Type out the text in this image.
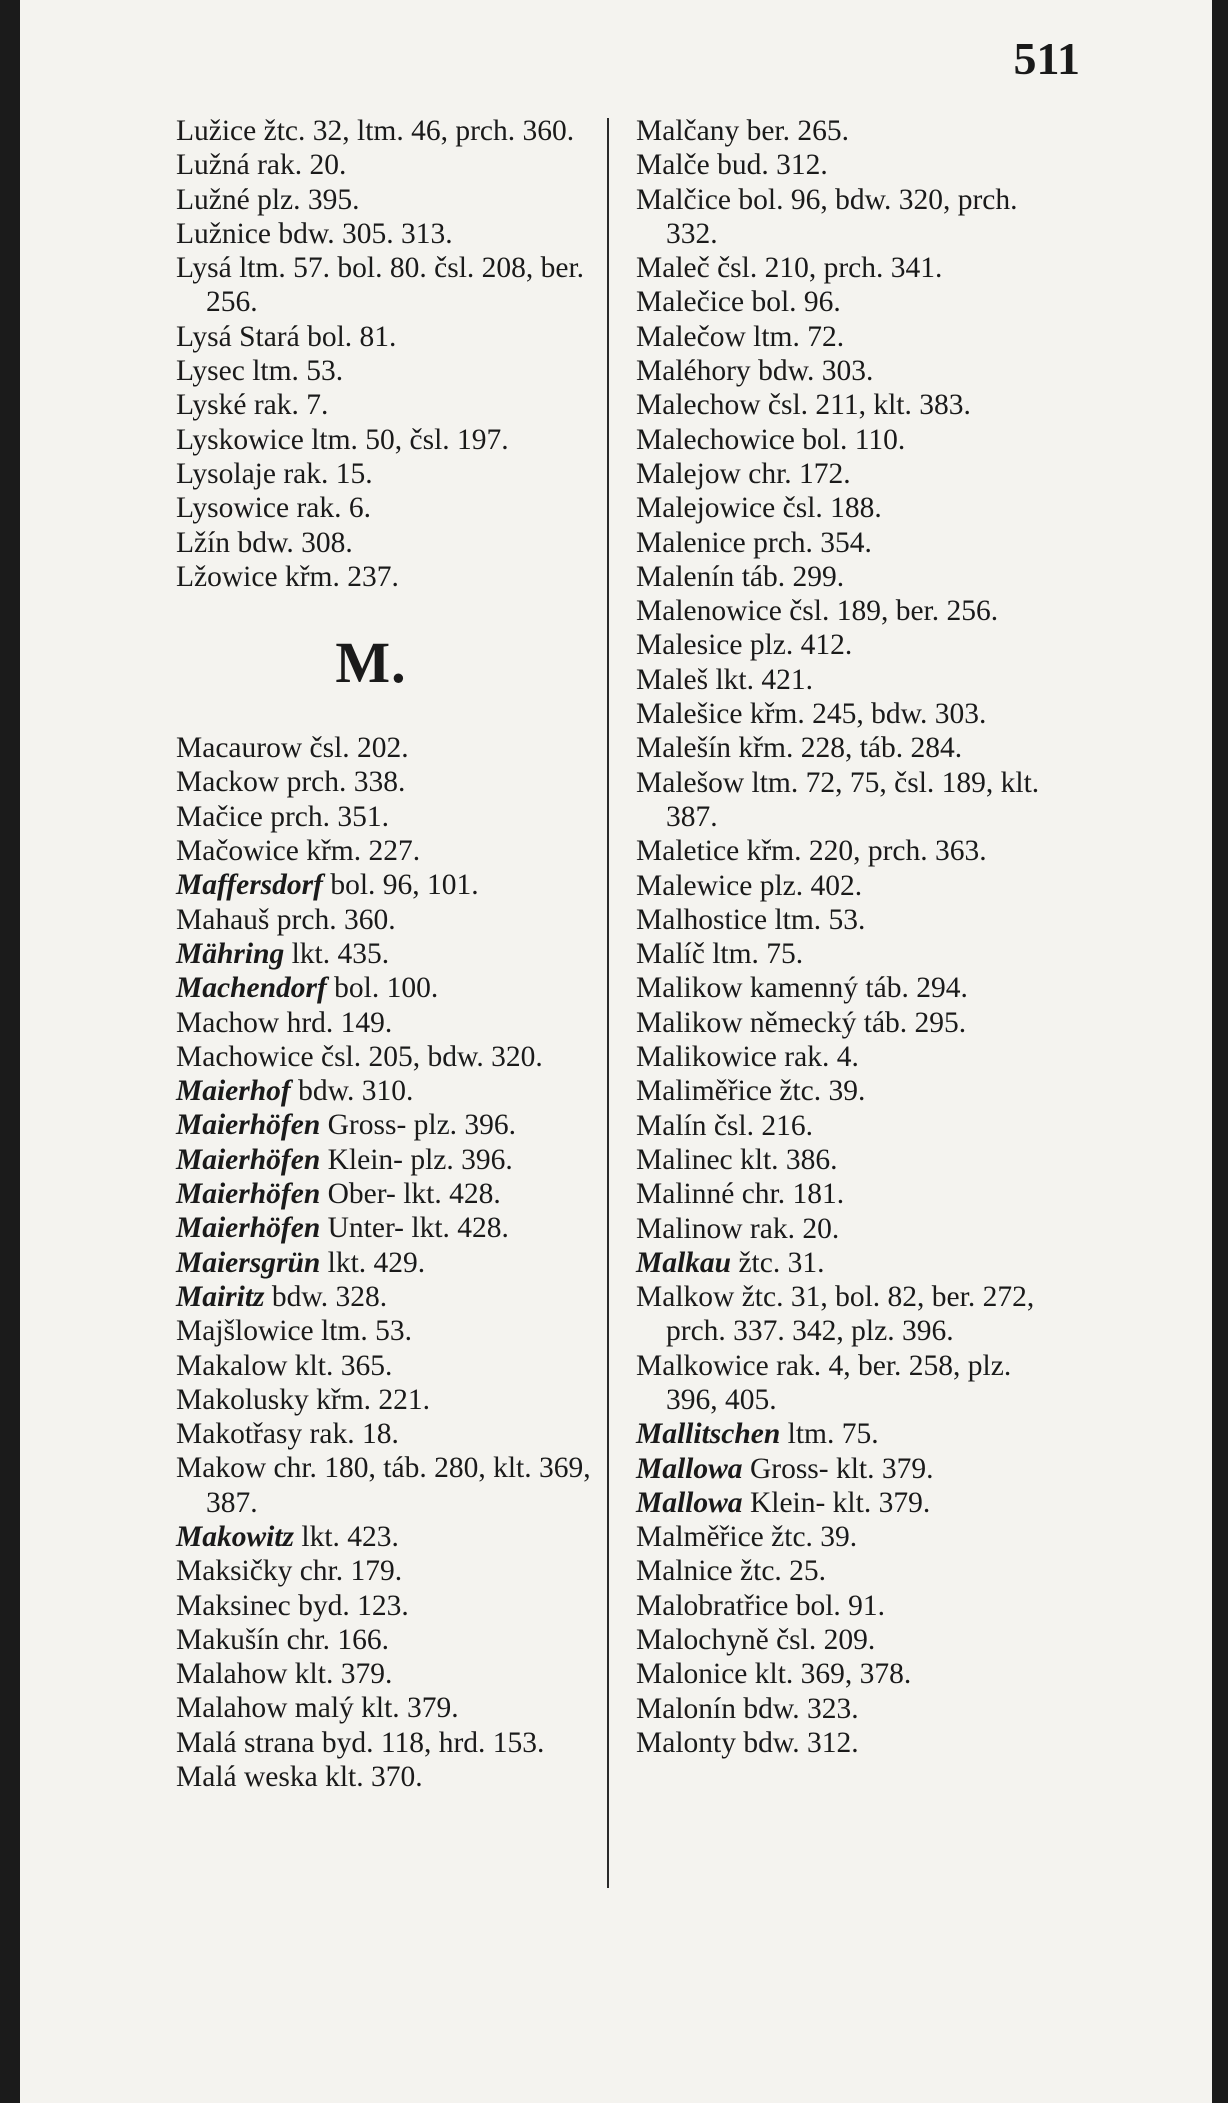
511
Lužice žtc. 32, ltm. 46, prch. 360.
Lužná rak. 20.
Lužné plz. 395.
Lužnice bdw. 305. 313.
Lysá ltm. 57. bol. 80. čsl. 208, ber. 256.
Lysá Stará bol. 81.
Lysec ltm. 53.
Lyské rak. 7.
Lyskowice ltm. 50, čsl. 197.
Lysolaje rak. 15.
Lysowice rak. 6.
Lžín bdw. 308.
Lžowice křm. 237.
M.
Macaurow čsl. 202.
Mackow prch. 338.
Mačice prch. 351.
Mačowice křm. 227.
Maffersdorf bol. 96, 101.
Mahauš prch. 360.
Mähring lkt. 435.
Machendorf bol. 100.
Machow hrd. 149.
Machowice čsl. 205, bdw. 320.
Maierhof bdw. 310.
Maierhöfen Gross- plz. 396.
Maierhöfen Klein- plz. 396.
Maierhöfen Ober- lkt. 428.
Maierhöfen Unter- lkt. 428.
Maiersgrün lkt. 429.
Mairitz bdw. 328.
Majšlowice ltm. 53.
Makalow klt. 365.
Makolusky křm. 221.
Makotřasy rak. 18.
Makow chr. 180, táb. 280, klt. 369, 387.
Makowitz lkt. 423.
Maksičky chr. 179.
Maksinec byd. 123.
Makušín chr. 166.
Malahow klt. 379.
Malahow malý klt. 379.
Malá strana byd. 118, hrd. 153.
Malá weska klt. 370.
Malčany ber. 265.
Malče bud. 312.
Malčice bol. 96, bdw. 320, prch. 332.
Maleč čsl. 210, prch. 341.
Malečice bol. 96.
Malečow ltm. 72.
Maléhory bdw. 303.
Malechow čsl. 211, klt. 383.
Malechowice bol. 110.
Malejow chr. 172.
Malejowice čsl. 188.
Malenice prch. 354.
Malenín táb. 299.
Malenowice čsl. 189, ber. 256.
Malesice plz. 412.
Maleš lkt. 421.
Malešice křm. 245, bdw. 303.
Malešín křm. 228, táb. 284.
Malešow ltm. 72, 75, čsl. 189, klt. 387.
Maletice křm. 220, prch. 363.
Malewice plz. 402.
Malhostice ltm. 53.
Malíč ltm. 75.
Malikow kamenný táb. 294.
Malikow německý táb. 295.
Malikowice rak. 4.
Maliměřice žtc. 39.
Malín čsl. 216.
Malinec klt. 386.
Malinné chr. 181.
Malinow rak. 20.
Malkau žtc. 31.
Malkow žtc. 31, bol. 82, ber. 272, prch. 337. 342, plz. 396.
Malkowice rak. 4, ber. 258, plz. 396, 405.
Mallitschen ltm. 75.
Mallowa Gross- klt. 379.
Mallowa Klein- klt. 379.
Malměřice žtc. 39.
Malnice žtc. 25.
Malobratřice bol. 91.
Malochyně čsl. 209.
Malonice klt. 369, 378.
Malonín bdw. 323.
Malonty bdw. 312.
